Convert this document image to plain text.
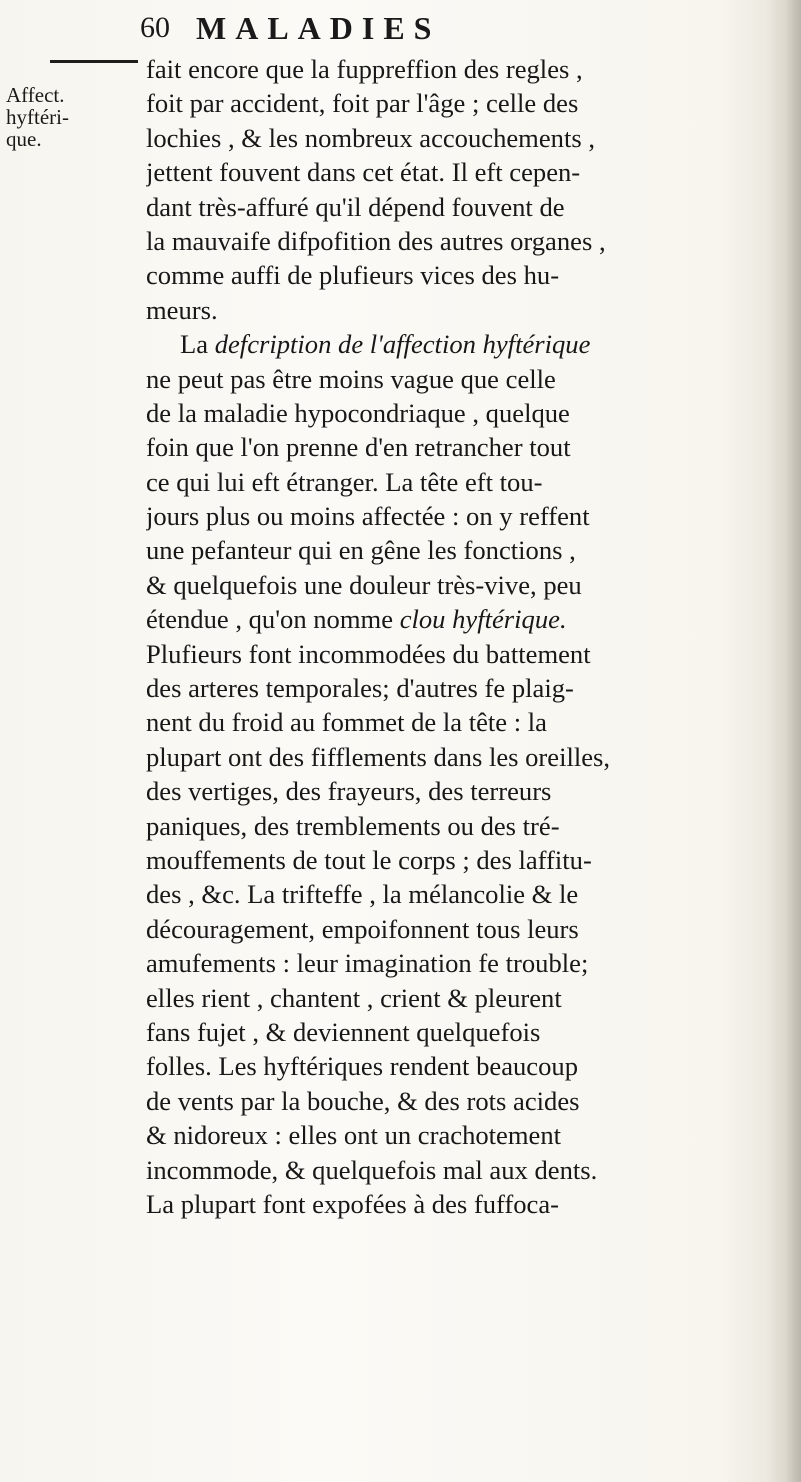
60 MALADIES
Affect.
hyftéri-
que.
fait encore que la fuppreffion des regles ,
foit par accident, foit par l'âge ; celle des
lochies , & les nombreux accouchements ,
jettent fouvent dans cet état. Il eft cepen-
dant très-affuré qu'il dépend fouvent de
la mauvaife difpofition des autres organes ,
comme auffi de plufieurs vices des hu-
meurs.
La defcription de l'affection hyftérique
ne peut pas être moins vague que celle
de la maladie hypocondriaque , quelque
foin que l'on prenne d'en retrancher tout
ce qui lui eft étranger. La tête eft tou-
jours plus ou moins affectée : on y reffent
une pefanteur qui en gêne les fonctions ,
& quelquefois une douleur très-vive, peu
étendue , qu'on nomme clou hyftérique.
Plufieurs font incommodées du battement
des arteres temporales; d'autres fe plaig-
nent du froid au fommet de la tête : la
plupart ont des fifflements dans les oreilles,
des vertiges, des frayeurs, des terreurs
paniques, des tremblements ou des tré-
mouffements de tout le corps ; des laffitu-
des , &c. La trifteffe , la mélancolie & le
découragement, empoifonnent tous leurs
amufements : leur imagination fe trouble;
elles rient , chantent , crient & pleurent
fans fujet , & deviennent quelquefois
folles. Les hyftériques rendent beaucoup
de vents par la bouche, & des rots acides
& nidoreux : elles ont un crachotement
incommode, & quelquefois mal aux dents.
La plupart font expofées à des fuffoca-
